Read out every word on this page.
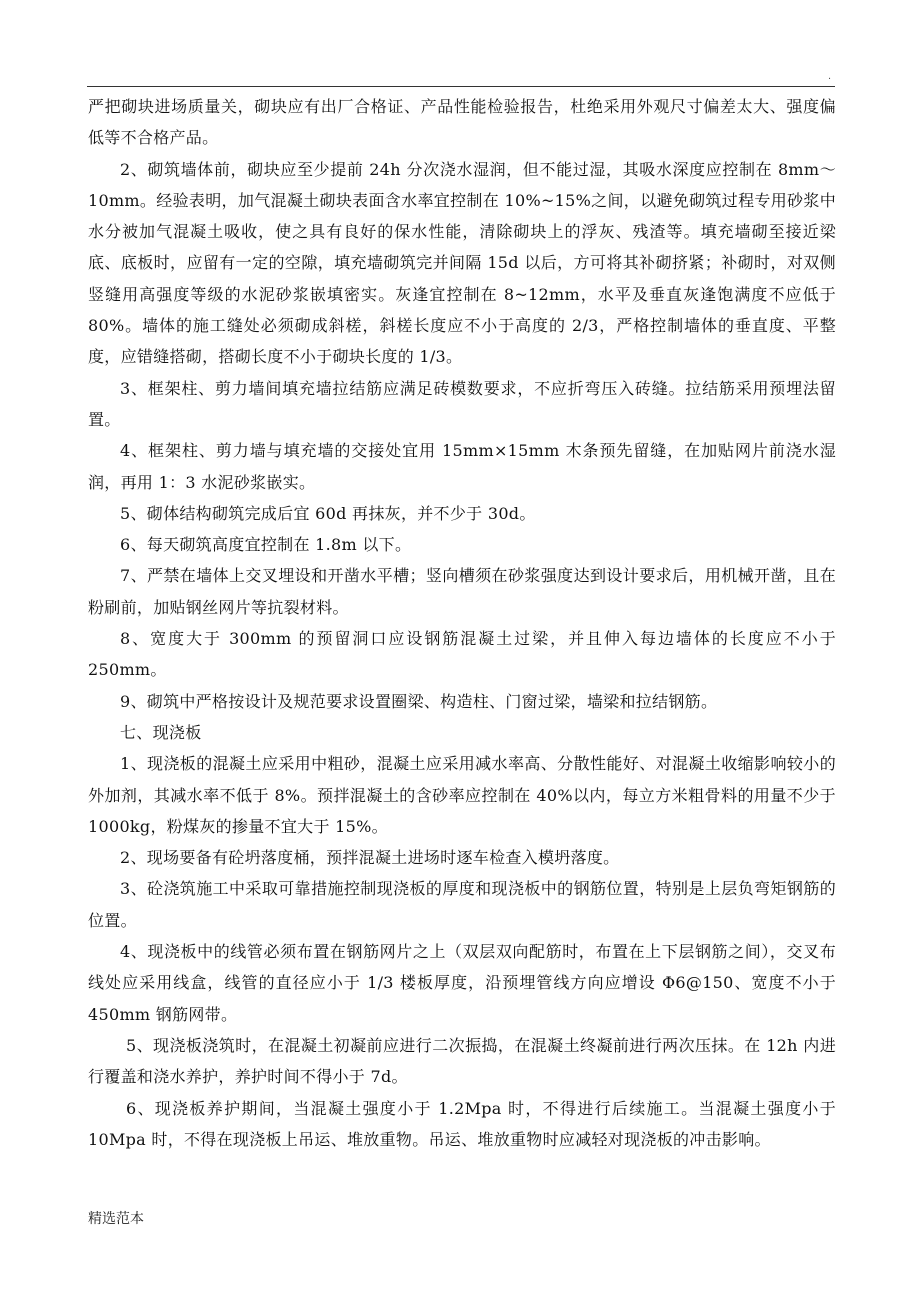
.

严把砌块进场质量关，砌块应有出厂合格证、产品性能检验报告，杜绝采用外观尺寸偏差太大、强度偏低等不合格产品。

2、砌筑墙体前，砌块应至少提前 24h 分次浇水湿润，但不能过湿，其吸水深度应控制在 8mm～10mm。经验表明，加气混凝土砌块表面含水率宜控制在 10%~15%之间，以避免砌筑过程专用砂浆中水分被加气混凝土吸收，使之具有良好的保水性能，清除砌块上的浮灰、残渣等。填充墙砌至接近梁底、底板时，应留有一定的空隙，填充墙砌筑完并间隔 15d 以后，方可将其补砌挤紧；补砌时，对双侧竖缝用高强度等级的水泥砂浆嵌填密实。灰逢宜控制在 8~12mm，水平及垂直灰逢饱满度不应低于 80%。墙体的施工缝处必须砌成斜槎，斜槎长度应不小于高度的 2/3，严格控制墙体的垂直度、平整度，应错缝搭砌，搭砌长度不小于砌块长度的 1/3。

3、框架柱、剪力墙间填充墙拉结筋应满足砖模数要求，不应折弯压入砖缝。拉结筋采用预埋法留置。

4、框架柱、剪力墙与填充墙的交接处宜用 15mm×15mm 木条预先留缝，在加贴网片前浇水湿润，再用 1：3 水泥砂浆嵌实。

5、砌体结构砌筑完成后宜 60d 再抹灰，并不少于 30d。

6、每天砌筑高度宜控制在 1.8m 以下。

7、严禁在墙体上交叉埋设和开凿水平槽；竖向槽须在砂浆强度达到设计要求后，用机械开凿，且在粉刷前，加贴钢丝网片等抗裂材料。

8、宽度大于 300mm 的预留洞口应设钢筋混凝土过梁，并且伸入每边墙体的长度应不小于 250mm。

9、砌筑中严格按设计及规范要求设置圈梁、构造柱、门窗过梁，墙梁和拉结钢筋。

七、现浇板

1、现浇板的混凝土应采用中粗砂，混凝土应采用减水率高、分散性能好、对混凝土收缩影响较小的外加剂，其减水率不低于 8%。预拌混凝土的含砂率应控制在 40%以内，每立方米粗骨料的用量不少于 1000kg，粉煤灰的掺量不宜大于 15%。

2、现场要备有砼坍落度桶，预拌混凝土进场时逐车检查入模坍落度。

3、砼浇筑施工中采取可靠措施控制现浇板的厚度和现浇板中的钢筋位置，特别是上层负弯矩钢筋的位置。

4、现浇板中的线管必须布置在钢筋网片之上（双层双向配筋时，布置在上下层钢筋之间），交叉布线处应采用线盒，线管的直径应小于 1/3 楼板厚度，沿预埋管线方向应增设 Φ6@150、宽度不小于 450mm 钢筋网带。

5、现浇板浇筑时，在混凝土初凝前应进行二次振捣，在混凝土终凝前进行两次压抹。在 12h 内进行覆盖和浇水养护，养护时间不得小于 7d。

6、现浇板养护期间，当混凝土强度小于 1.2Mpa 时，不得进行后续施工。当混凝土强度小于 10Mpa 时，不得在现浇板上吊运、堆放重物。吊运、堆放重物时应减轻对现浇板的冲击影响。

精选范本
